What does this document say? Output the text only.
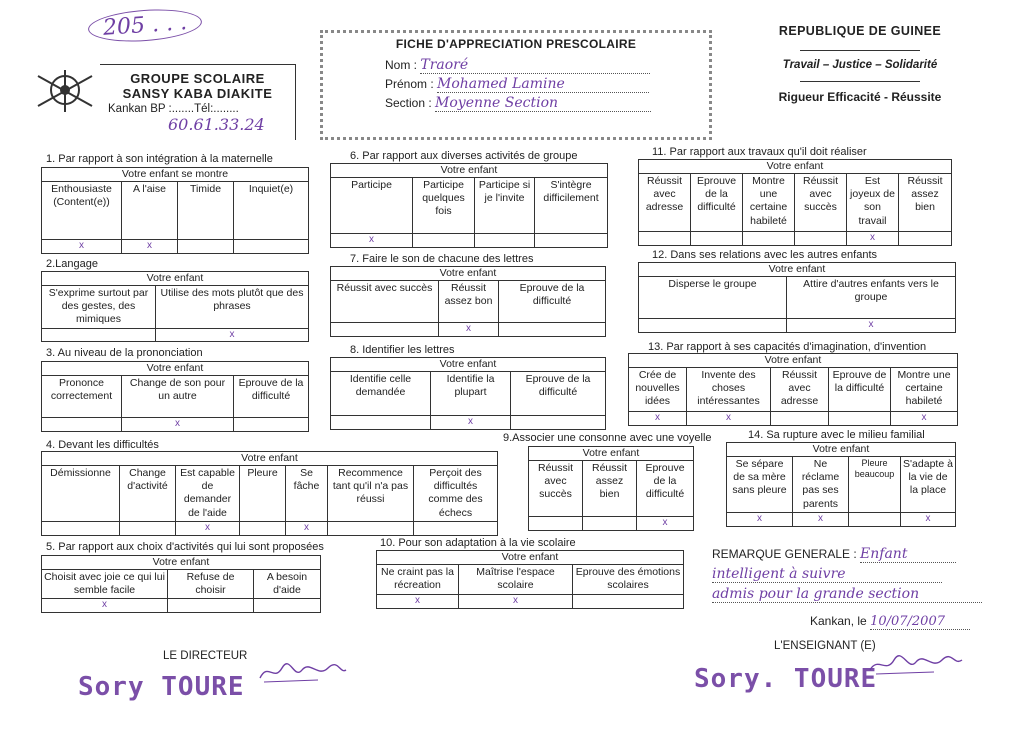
205 . . .
GROUPE SCOLAIRE
SANSY KABA DIAKITE
Kankan BP :.......Tél:........
60.61.33.24
FICHE D'APPRECIATION PRESCOLAIRE
Nom : Traoré
Prénom : Mohamed Lamine
Section : Moyenne Section
REPUBLIQUE DE GUINEE
Travail – Justice – Solidarité
Rigueur Efficacité - Réussite
1. Par rapport à son intégration à la maternelle
Votre enfant se montre			
Enthousiaste (Content(e))	A l'aise	Timide	Inquiet(e)
x	x		
2.Langage
Votre enfant	
S'exprime surtout par des gestes, des mimiques	Utilise des mots plutôt que des phrases
	x
3. Au niveau de la prononciation
Votre enfant		
Prononce correctement	Change de son pour un autre	Eprouve de la difficulté
	x	
4. Devant les difficultés
Votre enfant						
Démissionne	Change d'activité	Est capable de demander de l'aide	Pleure	Se fâche	Recommence tant qu'il n'a pas réussi	Perçoit des difficultés comme des échecs
		x		x		
5. Par rapport aux choix d'activités qui lui sont proposées
Votre enfant		
Choisit avec joie ce qui lui semble facile	Refuse de choisir	A besoin d'aide
x		
6. Par rapport aux diverses activités de groupe
Votre enfant			
Participe	Participe quelques fois	Participe si je l'invite	S'intègre difficilement
x			
7. Faire le son de chacune des lettres
Votre enfant		
Réussit avec succès	Réussit assez bon	Eprouve de la difficulté
	x	
8. Identifier les lettres
Votre enfant		
Identifie celle demandée	Identifie la plupart	Eprouve de la difficulté
	x	
9.Associer une consonne avec une voyelle
Votre enfant		
Réussit avec succès	Réussit assez bien	Eprouve de la difficulté
		x
10. Pour son adaptation à la vie scolaire
Votre enfant		
Ne craint pas la récreation	Maîtrise l'espace scolaire	Eprouve des émotions scolaires
x	x	
11. Par rapport aux travaux qu'il doit réaliser
Votre enfant					
Réussit avec adresse	Eprouve de la difficulté	Montre une certaine habileté	Réussit avec succès	Est joyeux de son travail	Réussit assez bien
				x	
12. Dans ses relations avec les autres enfants
Votre enfant	
Disperse le groupe	Attire d'autres enfants vers le groupe
	x
13. Par rapport à ses capacités d'imagination, d'invention
Votre enfant				
Crée de nouvelles idées	Invente des choses intéressantes	Réussit avec adresse	Eprouve de la difficulté	Montre une certaine habileté
x	x			x
14. Sa rupture avec le milieu familial
Votre enfant			
Se sépare de sa mère sans pleure	Ne réclame pas ses parents	Pleure beaucoup	S'adapte à la vie de la place
x	x		x
REMARQUE GENERALE : Enfant
intelligent à suivre admis pour la grande section
Kankan, le 10/07/2007
LE DIRECTEUR
Sory TOURE
L'ENSEIGNANT (E)
Sory. TOURE
